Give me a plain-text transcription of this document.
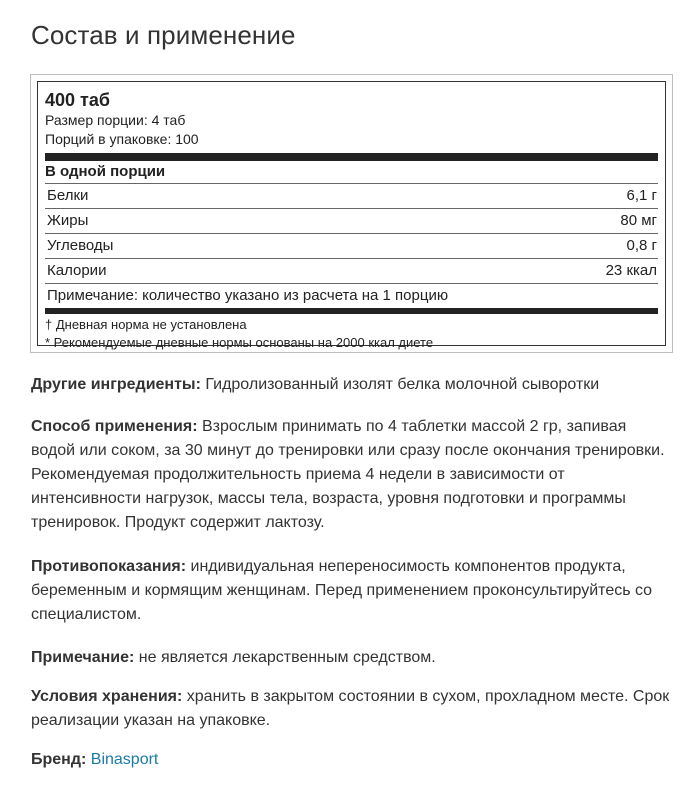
Состав и применение
400 таб
Размер порции: 4 таб
Порций в упаковке: 100
В одной порции
Белки	6,1 г
Жиры	80 мг
Углеводы	0,8 г
Калории	23 ккал
Примечание: количество указано из расчета на 1 порцию
† Дневная норма не установлена
* Рекомендуемые дневные нормы основаны на 2000 ккал диете

Другие ингредиенты: Гидролизованный изолят белка молочной сыворотки

Способ применения: Взрослым принимать по 4 таблетки массой 2 гр, запивая водой или соком, за 30 минут до тренировки или сразу после окончания тренировки. Рекомендуемая продолжительность приема 4 недели в зависимости от интенсивности нагрузок, массы тела, возраста, уровня подготовки и программы тренировок. Продукт содержит лактозу.

Противопоказания: индивидуальная непереносимость компонентов продукта, беременным и кормящим женщинам. Перед применением проконсультируйтесь со специалистом.

Примечание: не является лекарственным средством.

Условия хранения: хранить в закрытом состоянии в сухом, прохладном месте. Срок реализации указан на упаковке.

Бренд: Binasport
